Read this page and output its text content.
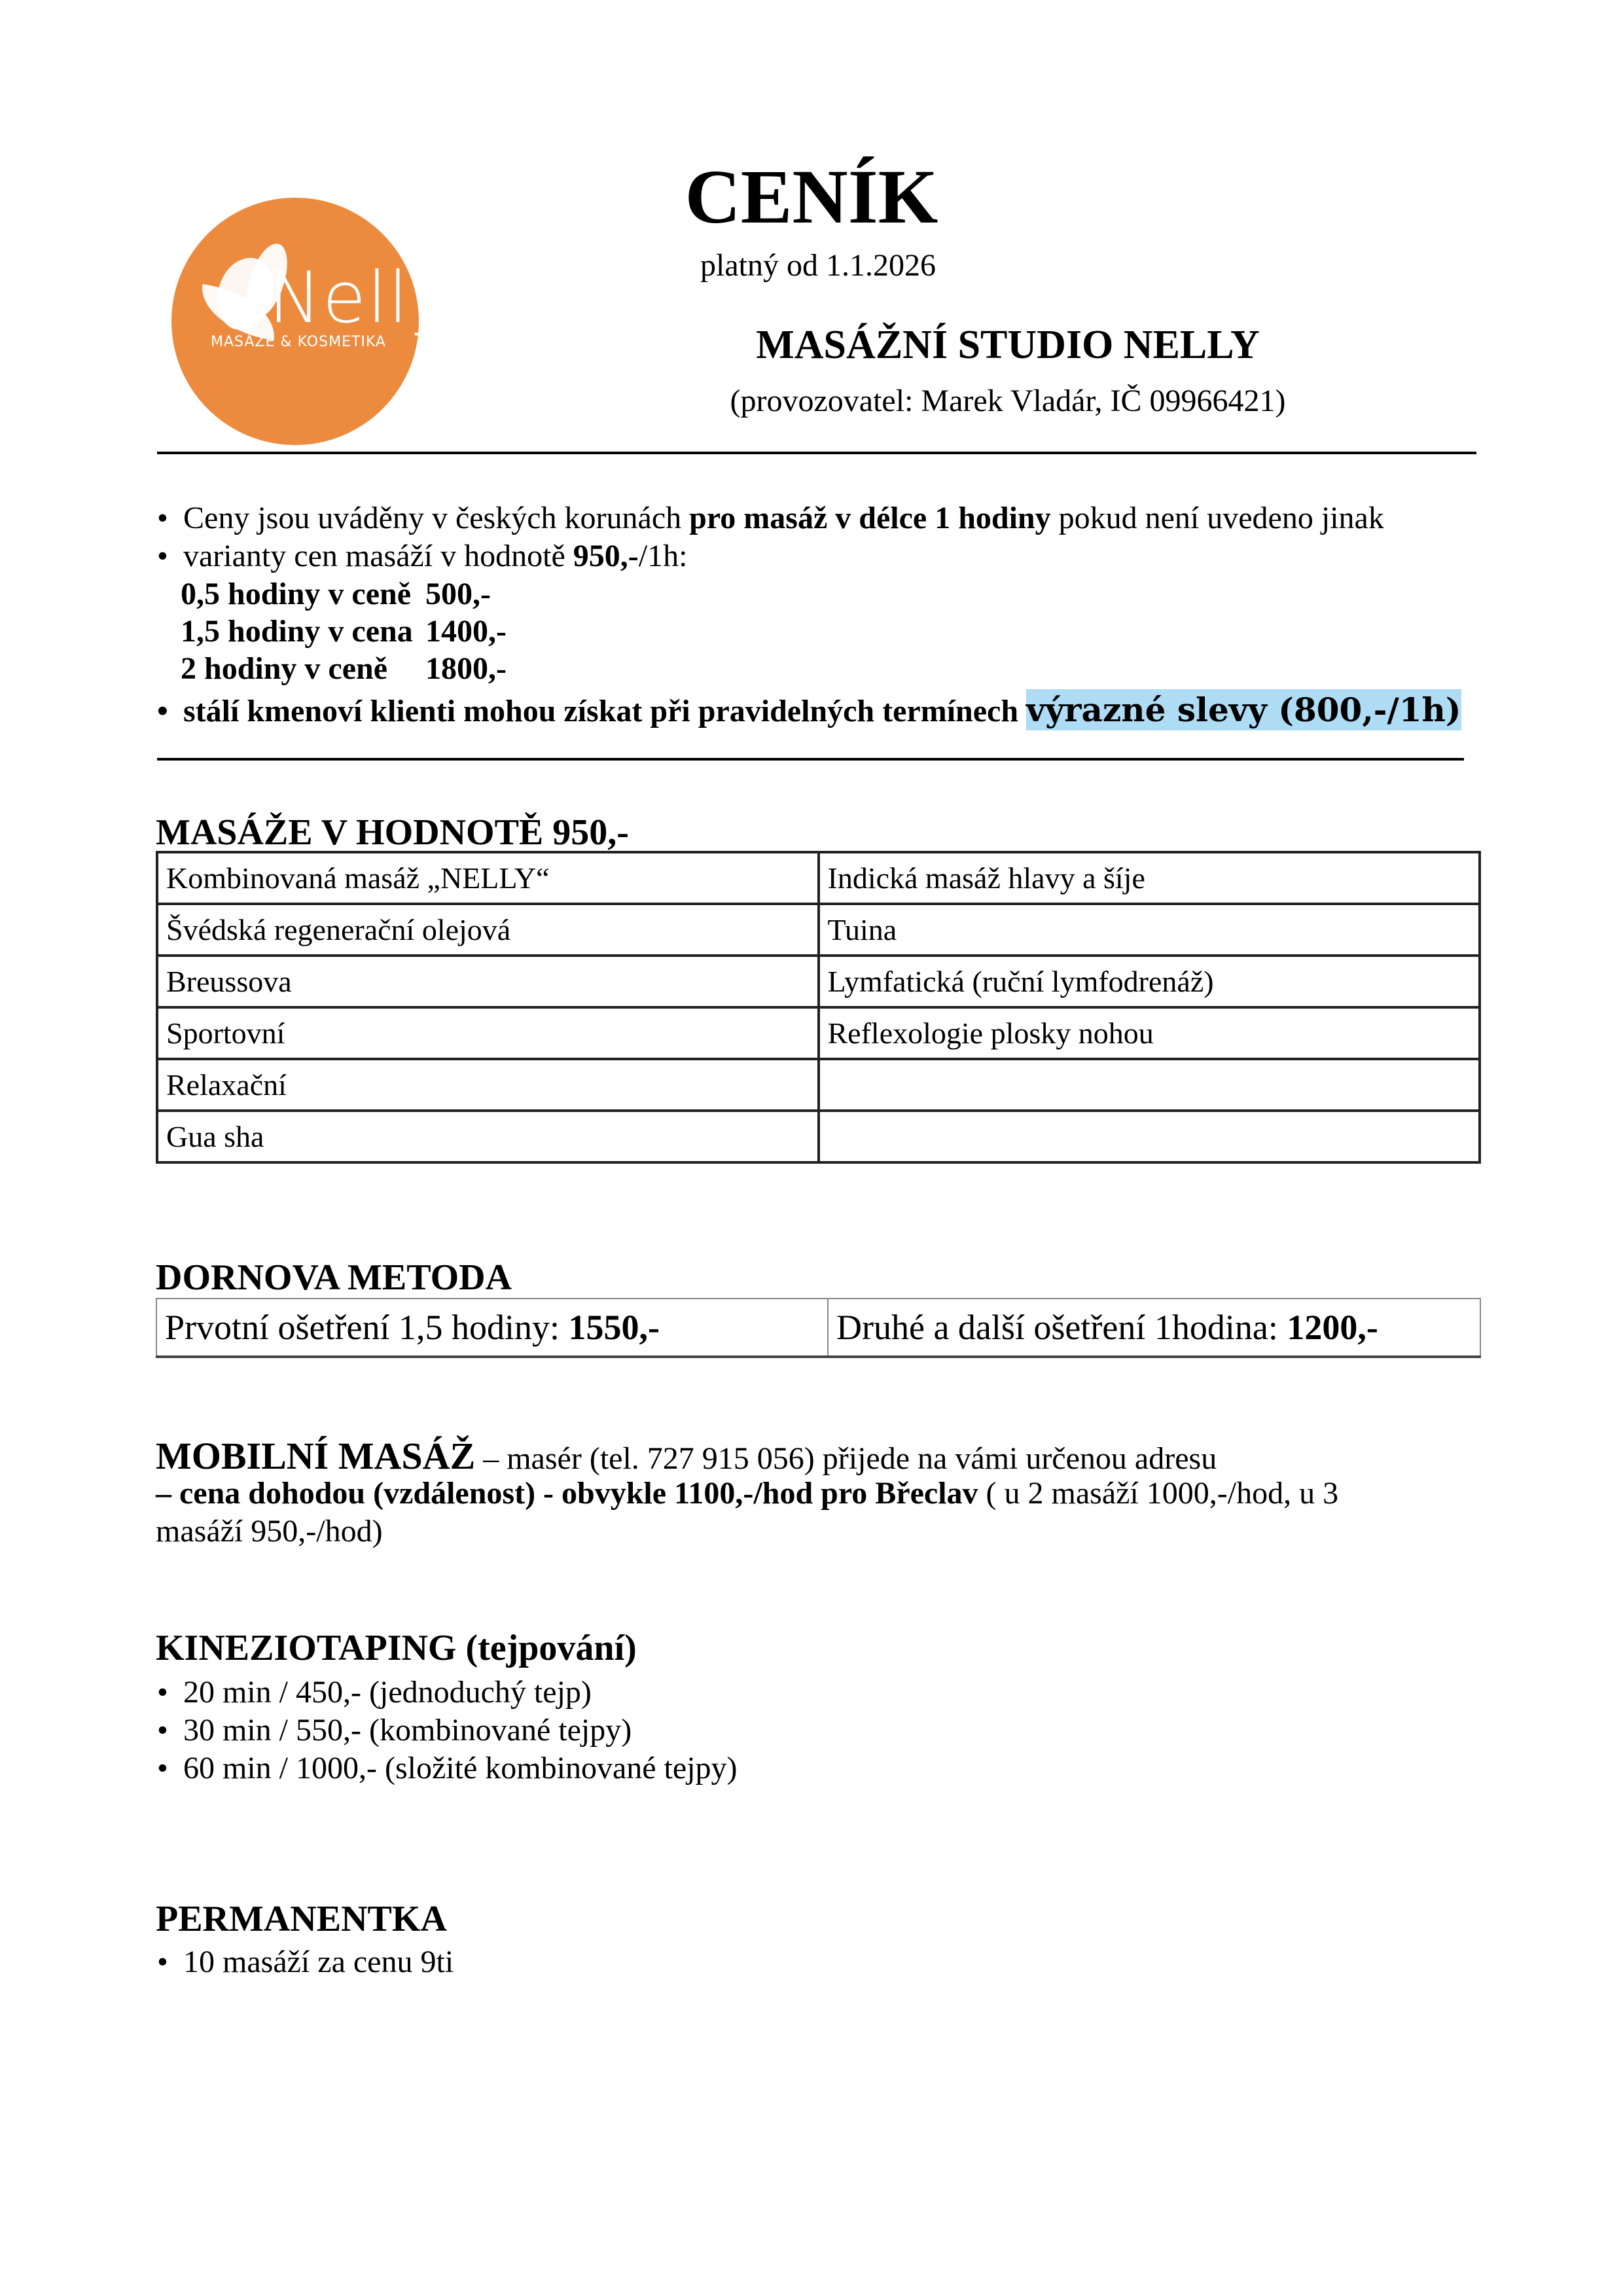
Nelly
MASÁŽE & KOSMETIKA
CENÍK
platný od 1.1.2026
MASÁŽNÍ STUDIO NELLY
(provozovatel: Marek Vladár, IČ 09966421)
• Ceny jsou uváděny v českých korunách pro masáž v délce 1 hodiny pokud není uvedeno jinak
• varianty cen masáží v hodnotě 950,-/1h:
0,5 hodiny v ceně 500,-
1,5 hodiny v cena 1400,-
2 hodiny v ceně 1800,-
• stálí kmenoví klienti mohou získat při pravidelných termínech výrazné slevy (800,-/1h)
MASÁŽE V HODNOTĚ 950,-
Kombinovaná masáž „NELLY“	Indická masáž hlavy a šíje
Švédská regenerační olejová	Tuina
Breussova	Lymfatická (ruční lymfodrenáž)
Sportovní	Reflexologie plosky nohou
Relaxační	
Gua sha	
DORNOVA METODA
Prvotní ošetření 1,5 hodiny: 1550,-	Druhé a další ošetření 1hodina: 1200,-
MOBILNÍ MASÁŽ – masér (tel. 727 915 056) přijede na vámi určenou adresu
– cena dohodou (vzdálenost) - obvykle 1100,-/hod pro Břeclav ( u 2 masáží 1000,-/hod, u 3
masáží 950,-/hod)
KINEZIOTAPING (tejpování)
• 20 min / 450,- (jednoduchý tejp)
• 30 min / 550,- (kombinované tejpy)
• 60 min / 1000,- (složité kombinované tejpy)
PERMANENTKA
• 10 masáží za cenu 9ti
